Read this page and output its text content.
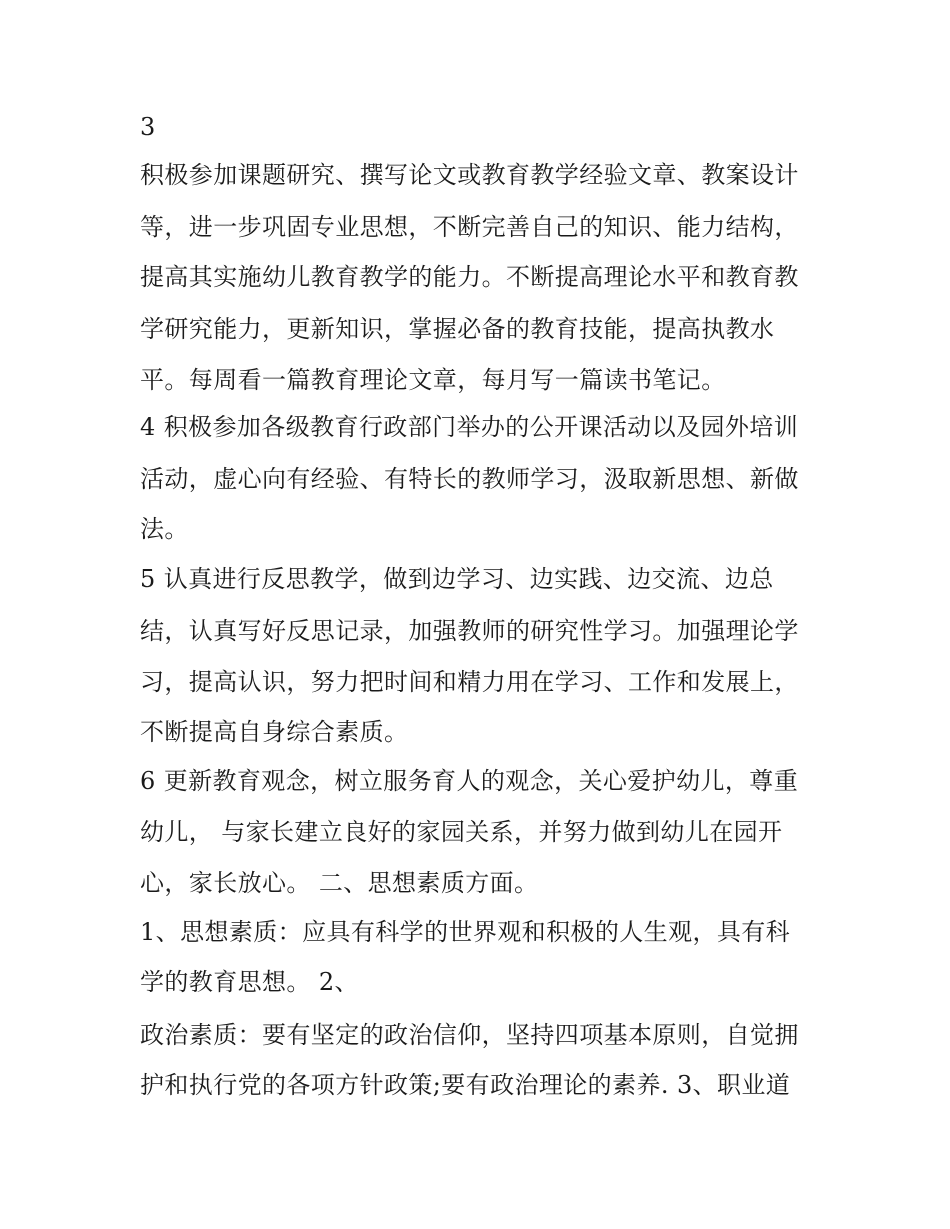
3
积极参加课题研究、撰写论文或教育教学经验文章、教案设计
等，进一步巩固专业思想，不断完善自己的知识、能力结构，
提高其实施幼儿教育教学的能力。不断提高理论水平和教育教
学研究能力，更新知识，掌握必备的教育技能，提高执教水
平。每周看一篇教育理论文章，每月写一篇读书笔记。
4 积极参加各级教育行政部门举办的公开课活动以及园外培训
活动，虚心向有经验、有特长的教师学习，汲取新思想、新做
法。
5 认真进行反思教学，做到边学习、边实践、边交流、边总
结，认真写好反思记录，加强教师的研究性学习。加强理论学
习，提高认识，努力把时间和精力用在学习、工作和发展上，
不断提高自身综合素质。
6 更新教育观念，树立服务育人的观念，关心爱护幼儿，尊重
幼儿， 与家长建立良好的家园关系，并努力做到幼儿在园开
心，家长放心。 二、思想素质方面。
1、思想素质：应具有科学的世界观和积极的人生观，具有科
学的教育思想。 2、
政治素质：要有坚定的政治信仰，坚持四项基本原则，自觉拥
护和执行党的各项方针政策;要有政治理论的素养. 3、职业道
